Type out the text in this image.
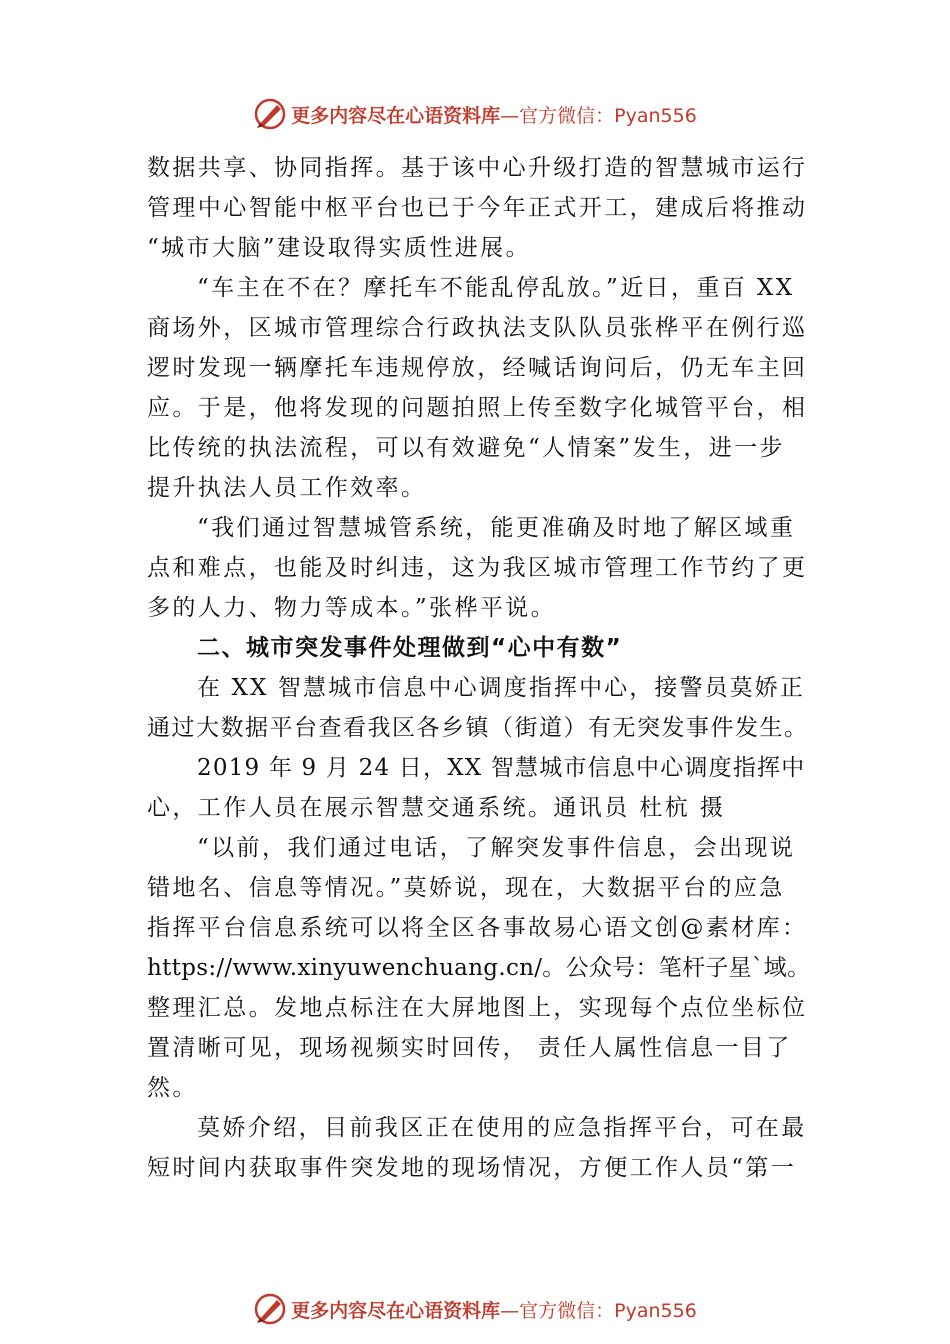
更多内容尽在心语资料库 —官方微信：Pyan556

数据共享、协同指挥。基于该中心升级打造的智慧城市运行

管理中心智能中枢平台也已于今年正式开工，建成后将推动

“城市大脑”建设取得实质性进展。

“车主在不在？摩托车不能乱停乱放。”近日，重百 XX

商场外，区城市管理综合行政执法支队队员张桦平在例行巡

逻时发现一辆摩托车违规停放，经喊话询问后，仍无车主回

应。于是，他将发现的问题拍照上传至数字化城管平台，相

比传统的执法流程，可以有效避免“人情案”发生，进一步

提升执法人员工作效率。

“我们通过智慧城管系统，能更准确及时地了解区域重

点和难点，也能及时纠违，这为我区城市管理工作节约了更

多的人力、物力等成本。”张桦平说。

二、城市突发事件处理做到“心中有数”

在 XX 智慧城市信息中心调度指挥中心，接警员莫娇正

通过大数据平台查看我区各乡镇（街道）有无突发事件发生。

2019 年 9 月 24 日，XX 智慧城市信息中心调度指挥中

心，工作人员在展示智慧交通系统。通讯员 杜杭 摄

“以前，我们通过电话，了解突发事件信息，会出现说

错地名、信息等情况。”莫娇说，现在，大数据平台的应急

指挥平台信息系统可以将全区各事故易心语文创@素材库：

https://www.xinyuwenchuang.cn/。公众号：笔杆子星`域。

整理汇总。发地点标注在大屏地图上，实现每个点位坐标位

置清晰可见，现场视频实时回传， 责任人属性信息一目了

然。

莫娇介绍，目前我区正在使用的应急指挥平台，可在最

短时间内获取事件突发地的现场情况，方便工作人员“第一

更多内容尽在心语资料库 —官方微信：Pyan556
